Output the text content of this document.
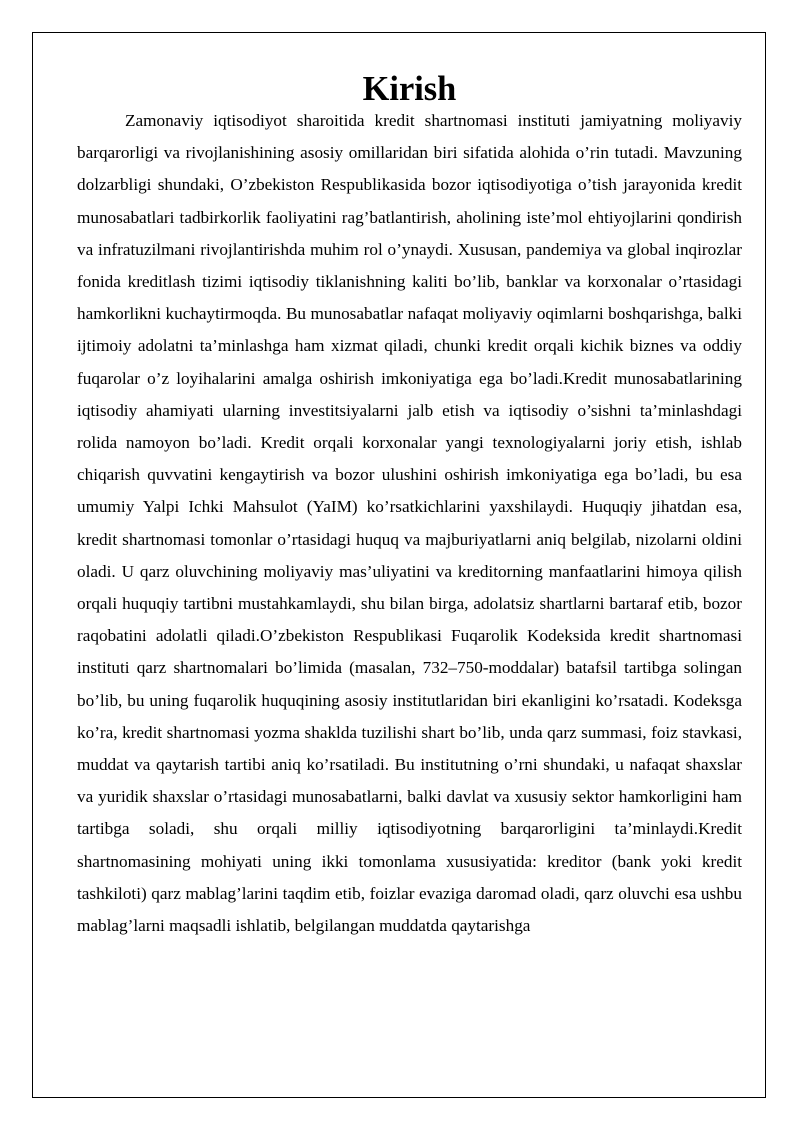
Kirish

Zamonaviy iqtisodiyot sharoitida kredit shartnomasi instituti jamiyatning moliyaviy barqarorligi va rivojlanishining asosiy omillaridan biri sifatida alohida o’rin tutadi. Mavzuning dolzarbligi shundaki, O’zbekiston Respublikasida bozor iqtisodiyotiga o’tish jarayonida kredit munosabatlari tadbirkorlik faoliyatini rag’batlantirish, aholining iste’mol ehtiyojlarini qondirish va infratuzilmani rivojlantirishda muhim rol o’ynaydi. Xususan, pandemiya va global inqirozlar fonida kreditlash tizimi iqtisodiy tiklanishning kaliti bo’lib, banklar va korxonalar o’rtasidagi hamkorlikni kuchaytirmoqda. Bu munosabatlar nafaqat moliyaviy oqimlarni boshqarishga, balki ijtimoiy adolatni ta’minlashga ham xizmat qiladi, chunki kredit orqali kichik biznes va oddiy fuqarolar o’z loyihalarini amalga oshirish imkoniyatiga ega bo’ladi.Kredit munosabatlarining iqtisodiy ahamiyati ularning investitsiyalarni jalb etish va iqtisodiy o’sishni ta’minlashdagi rolida namoyon bo’ladi. Kredit orqali korxonalar yangi texnologiyalarni joriy etish, ishlab chiqarish quvvatini kengaytirish va bozor ulushini oshirish imkoniyatiga ega bo’ladi, bu esa umumiy Yalpi Ichki Mahsulot (YaIM) ko’rsatkichlarini yaxshilaydi. Huquqiy jihatdan esa, kredit shartnomasi tomonlar o’rtasidagi huquq va majburiyatlarni aniq belgilab, nizolarni oldini oladi. U qarz oluvchining moliyaviy mas’uliyatini va kreditorning manfaatlarini himoya qilish orqali huquqiy tartibni mustahkamlaydi, shu bilan birga, adolatsiz shartlarni bartaraf etib, bozor raqobatini adolatli qiladi.O’zbekiston Respublikasi Fuqarolik Kodeksida kredit shartnomasi instituti qarz shartnomalari bo’limida (masalan, 732–750-moddalar) batafsil tartibga solingan bo’lib, bu uning fuqarolik huquqining asosiy institutlaridan biri ekanligini ko’rsatadi. Kodeksga ko’ra, kredit shartnomasi yozma shaklda tuzilishi shart bo’lib, unda qarz summasi, foiz stavkasi, muddat va qaytarish tartibi aniq ko’rsatiladi. Bu institutning o’rni shundaki, u nafaqat shaxslar va yuridik shaxslar o’rtasidagi munosabatlarni, balki davlat va xususiy sektor hamkorligini ham tartibga soladi, shu orqali milliy iqtisodiyotning barqarorligini ta’minlaydi.Kredit shartnomasining mohiyati uning ikki tomonlama xususiyatida: kreditor (bank yoki kredit tashkiloti) qarz mablag’larini taqdim etib, foizlar evaziga daromad oladi, qarz oluvchi esa ushbu mablag’larni maqsadli ishlatib, belgilangan muddatda qaytarishga
